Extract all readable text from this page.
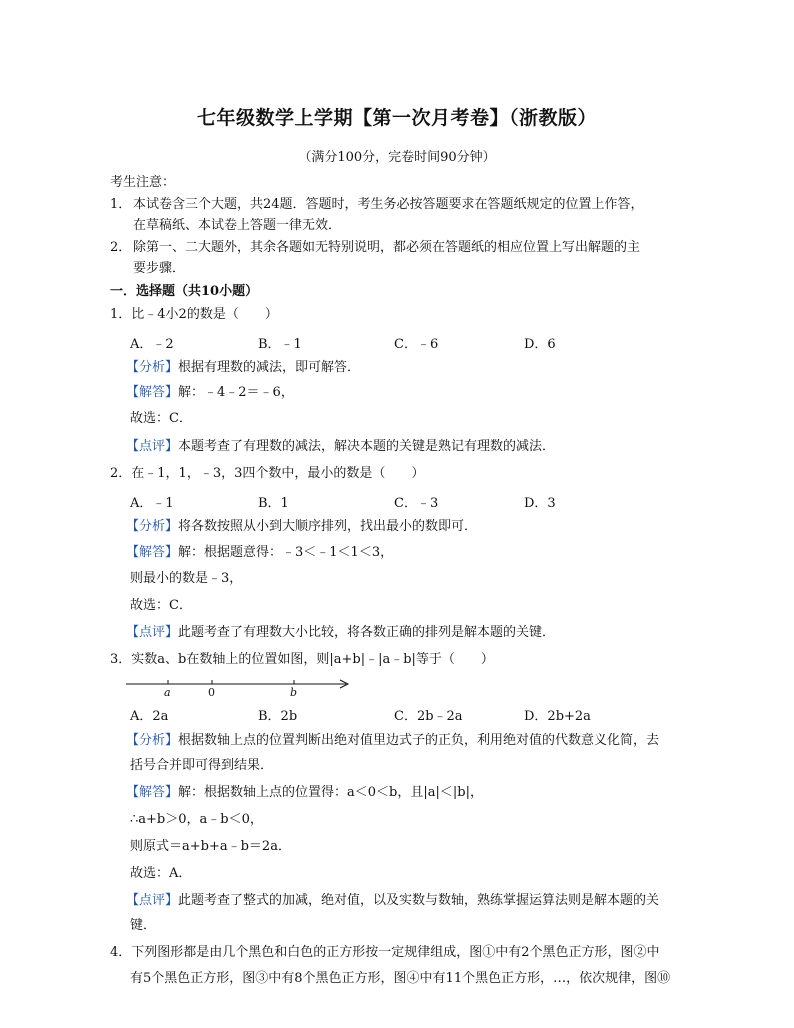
七年级数学上学期【第一次月考卷】（浙教版）
（满分100分，完卷时间90分钟）
考生注意：
1． 本试卷含三个大题，共24题．答题时，考生务必按答题要求在答题纸规定的位置上作答，
在草稿纸、本试卷上答题一律无效．
2． 除第一、二大题外，其余各题如无特别说明，都必须在答题纸的相应位置上写出解题的主
要步骤．
一．选择题（共10小题）
1．比﹣4小2的数是（　　）
A．﹣2	B．﹣1	C．﹣6	D．6
【分析】根据有理数的减法，即可解答．
【解答】解：﹣4﹣2＝﹣6，
故选：C．
【点评】本题考查了有理数的减法，解决本题的关键是熟记有理数的减法．
2．在﹣1，1，﹣3，3四个数中，最小的数是（　　）
A．﹣1	B．1	C．﹣3	D．3
【分析】将各数按照从小到大顺序排列，找出最小的数即可．
【解答】解：根据题意得：﹣3＜﹣1＜1＜3，
则最小的数是﹣3，
故选：C．
【点评】此题考查了有理数大小比较，将各数正确的排列是解本题的关键．
3．实数a、b在数轴上的位置如图，则|a+b|﹣|a﹣b|等于（　　）
a	0	b
A．2a	B．2b	C．2b﹣2a	D．2b+2a
【分析】根据数轴上点的位置判断出绝对值里边式子的正负，利用绝对值的代数意义化简，去
括号合并即可得到结果．
【解答】解：根据数轴上点的位置得：a＜0＜b，且|a|＜|b|，
∴a+b＞0，a﹣b＜0，
则原式＝a+b+a﹣b＝2a．
故选：A．
【点评】此题考查了整式的加减，绝对值，以及实数与数轴，熟练掌握运算法则是解本题的关
键．
4．下列图形都是由几个黑色和白色的正方形按一定规律组成，图①中有2个黑色正方形，图②中
有5个黑色正方形，图③中有8个黑色正方形，图④中有11个黑色正方形，…，依次规律，图⑩
